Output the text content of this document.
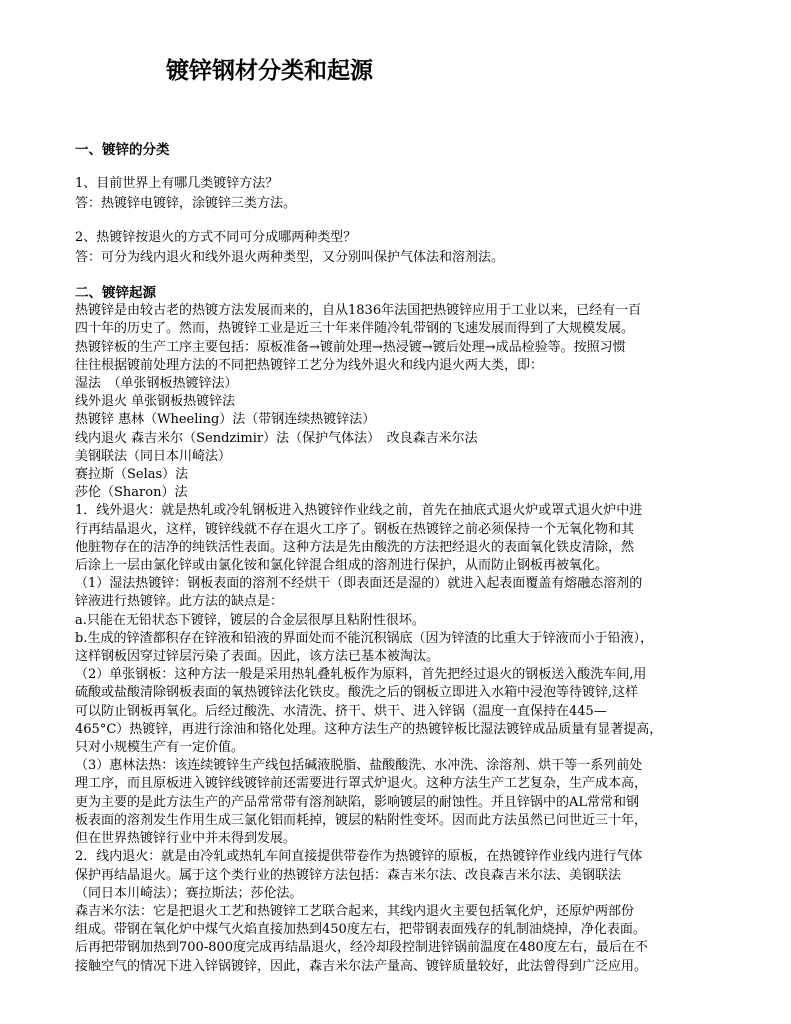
镀锌钢材分类和起源
一、镀锌的分类

1、目前世界上有哪几类镀锌方法？

答：热镀锌电镀锌，涂镀锌三类方法。

2、热镀锌按退火的方式不同可分成哪两种类型？

答：可分为线内退火和线外退火两种类型，又分别叫保护气体法和溶剂法。

二、镀锌起源
热镀锌是由较古老的热镀方法发展而来的，自从1836年法国把热镀锌应用于工业以来，已经有一百
四十年的历史了。然而，热镀锌工业是近三十年来伴随冷轧带钢的飞速发展而得到了大规模发展。
热镀锌板的生产工序主要包括：原板准备→镀前处理→热浸镀→镀后处理→成品检验等。按照习惯
往往根据镀前处理方法的不同把热镀锌工艺分为线外退火和线内退火两大类，即：
湿法　（单张钢板热镀锌法）
线外退火 单张钢板热镀锌法
热镀锌 惠林（Wheeling）法（带钢连续热镀锌法）
线内退火 森吉米尔（Sendzimir）法（保护气体法）　改良森吉米尔法
美钢联法（同日本川崎法）
赛拉斯（Selas）法
莎伦（Sharon）法
1．线外退火：就是热轧或冷轧钢板进入热镀锌作业线之前，首先在抽底式退火炉或罩式退火炉中进
行再结晶退火，这样，镀锌线就不存在退火工序了。钢板在热镀锌之前必须保持一个无氧化物和其
他脏物存在的洁净的纯铁活性表面。这种方法是先由酸洗的方法把经退火的表面氧化铁皮清除，然
后涂上一层由氯化锌或由氯化铵和氯化锌混合组成的溶剂进行保护，从而防止钢板再被氧化。
（1）湿法热镀锌：钢板表面的溶剂不经烘干（即表面还是湿的）就进入起表面覆盖有熔融态溶剂的
锌液进行热镀锌。此方法的缺点是：
a.只能在无铅状态下镀锌，镀层的合金层很厚且粘附性很坏。
b.生成的锌渣都积存在锌液和铅液的界面处而不能沉积锅底（因为锌渣的比重大于锌液而小于铅液），
这样钢板因穿过锌层污染了表面。因此，该方法已基本被淘汰。
（2）单张钢板：这种方法一般是采用热轧叠轧板作为原料，首先把经过退火的钢板送入酸洗车间,用
硫酸或盐酸清除钢板表面的氧热镀锌法化铁皮。酸洗之后的钢板立即进入水箱中浸泡等待镀锌,这样
可以防止钢板再氧化。后经过酸洗、水清洗、挤干、烘干、进入锌锅（温度一直保持在445—
465°C）热镀锌，再进行涂油和铬化处理。这种方法生产的热镀锌板比湿法镀锌成品质量有显著提高，
只对小规模生产有一定价值。
（3）惠林法热：该连续镀锌生产线包括碱液脱脂、盐酸酸洗、水冲洗、涂溶剂、烘干等一系列前处
理工序，而且原板进入镀锌线镀锌前还需要进行罩式炉退火。这种方法生产工艺复杂，生产成本高，
更为主要的是此方法生产的产品常常带有溶剂缺陷，影响镀层的耐蚀性。并且锌锅中的AL常常和钢
板表面的溶剂发生作用生成三氯化铝而耗掉，镀层的粘附性变坏。因而此方法虽然已问世近三十年，
但在世界热镀锌行业中并未得到发展。
2．线内退火：就是由冷轧或热轧车间直接提供带卷作为热镀锌的原板，在热镀锌作业线内进行气体
保护再结晶退火。属于这个类行业的热镀锌方法包括：森吉米尔法、改良森吉米尔法、美钢联法
（同日本川崎法）；赛拉斯法；莎伦法。
森吉米尔法：它是把退火工艺和热镀锌工艺联合起来，其线内退火主要包括氧化炉，还原炉两部份
组成。带钢在氧化炉中煤气火焰直接加热到450度左右，把带钢表面残存的轧制油烧掉，净化表面。
后再把带钢加热到700-800度完成再结晶退火，经冷却段控制进锌锅前温度在480度左右，最后在不
接触空气的情况下进入锌锅镀锌，因此，森吉米尔法产量高、镀锌质量较好，此法曾得到广泛应用。
